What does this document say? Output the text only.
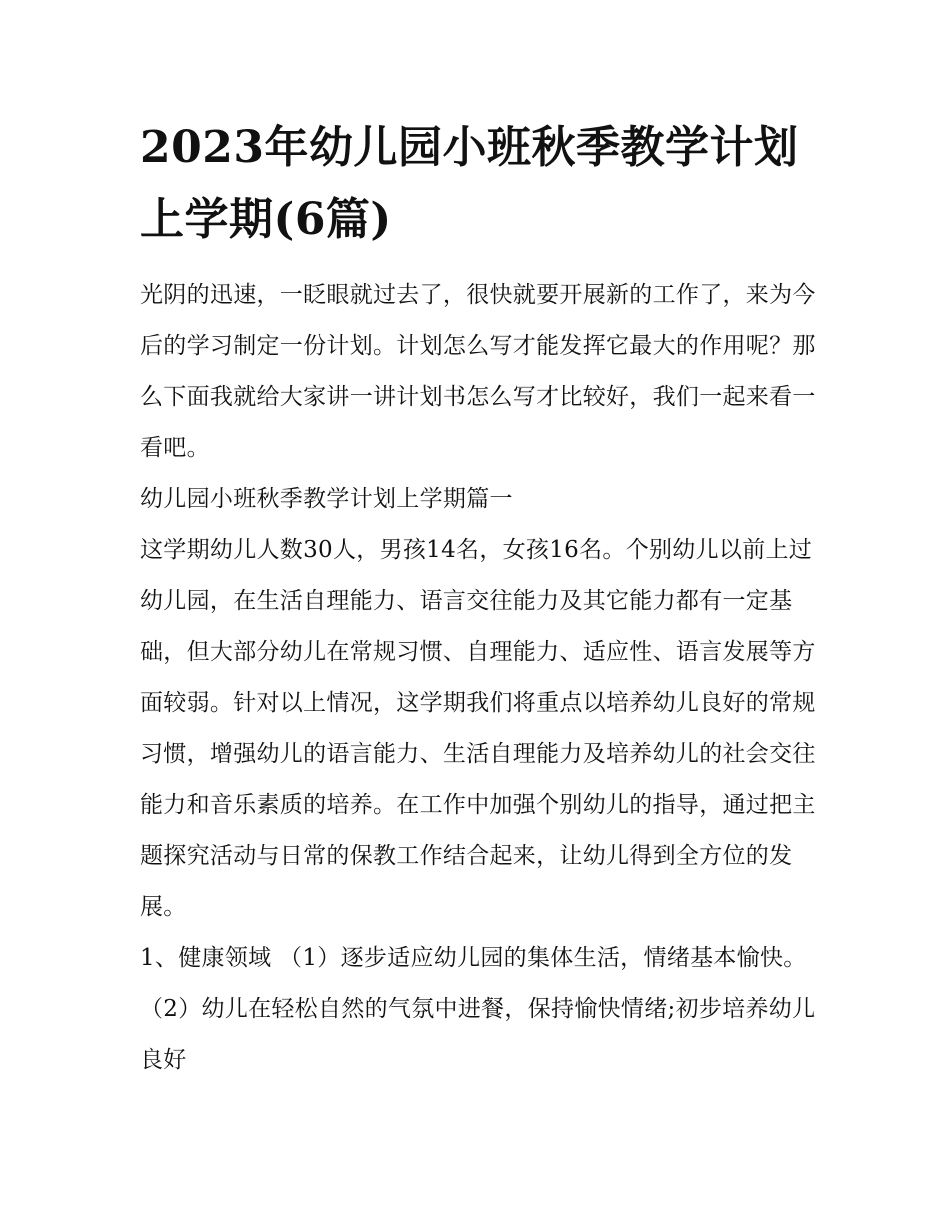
2023年幼儿园小班秋季教学计划上学期(6篇)

光阴的迅速，一眨眼就过去了，很快就要开展新的工作了，来为今后的学习制定一份计划。计划怎么写才能发挥它最大的作用呢？那么下面我就给大家讲一讲计划书怎么写才比较好，我们一起来看一看吧。

幼儿园小班秋季教学计划上学期篇一

这学期幼儿人数30人，男孩14名，女孩16名。个别幼儿以前上过幼儿园，在生活自理能力、语言交往能力及其它能力都有一定基础，但大部分幼儿在常规习惯、自理能力、适应性、语言发展等方面较弱。针对以上情况，这学期我们将重点以培养幼儿良好的常规习惯，增强幼儿的语言能力、生活自理能力及培养幼儿的社会交往能力和音乐素质的培养。在工作中加强个别幼儿的指导，通过把主题探究活动与日常的保教工作结合起来，让幼儿得到全方位的发展。

1、健康领域 （1）逐步适应幼儿园的集体生活，情绪基本愉快。 （2）幼儿在轻松自然的气氛中进餐，保持愉快情绪;初步培养幼儿良好
